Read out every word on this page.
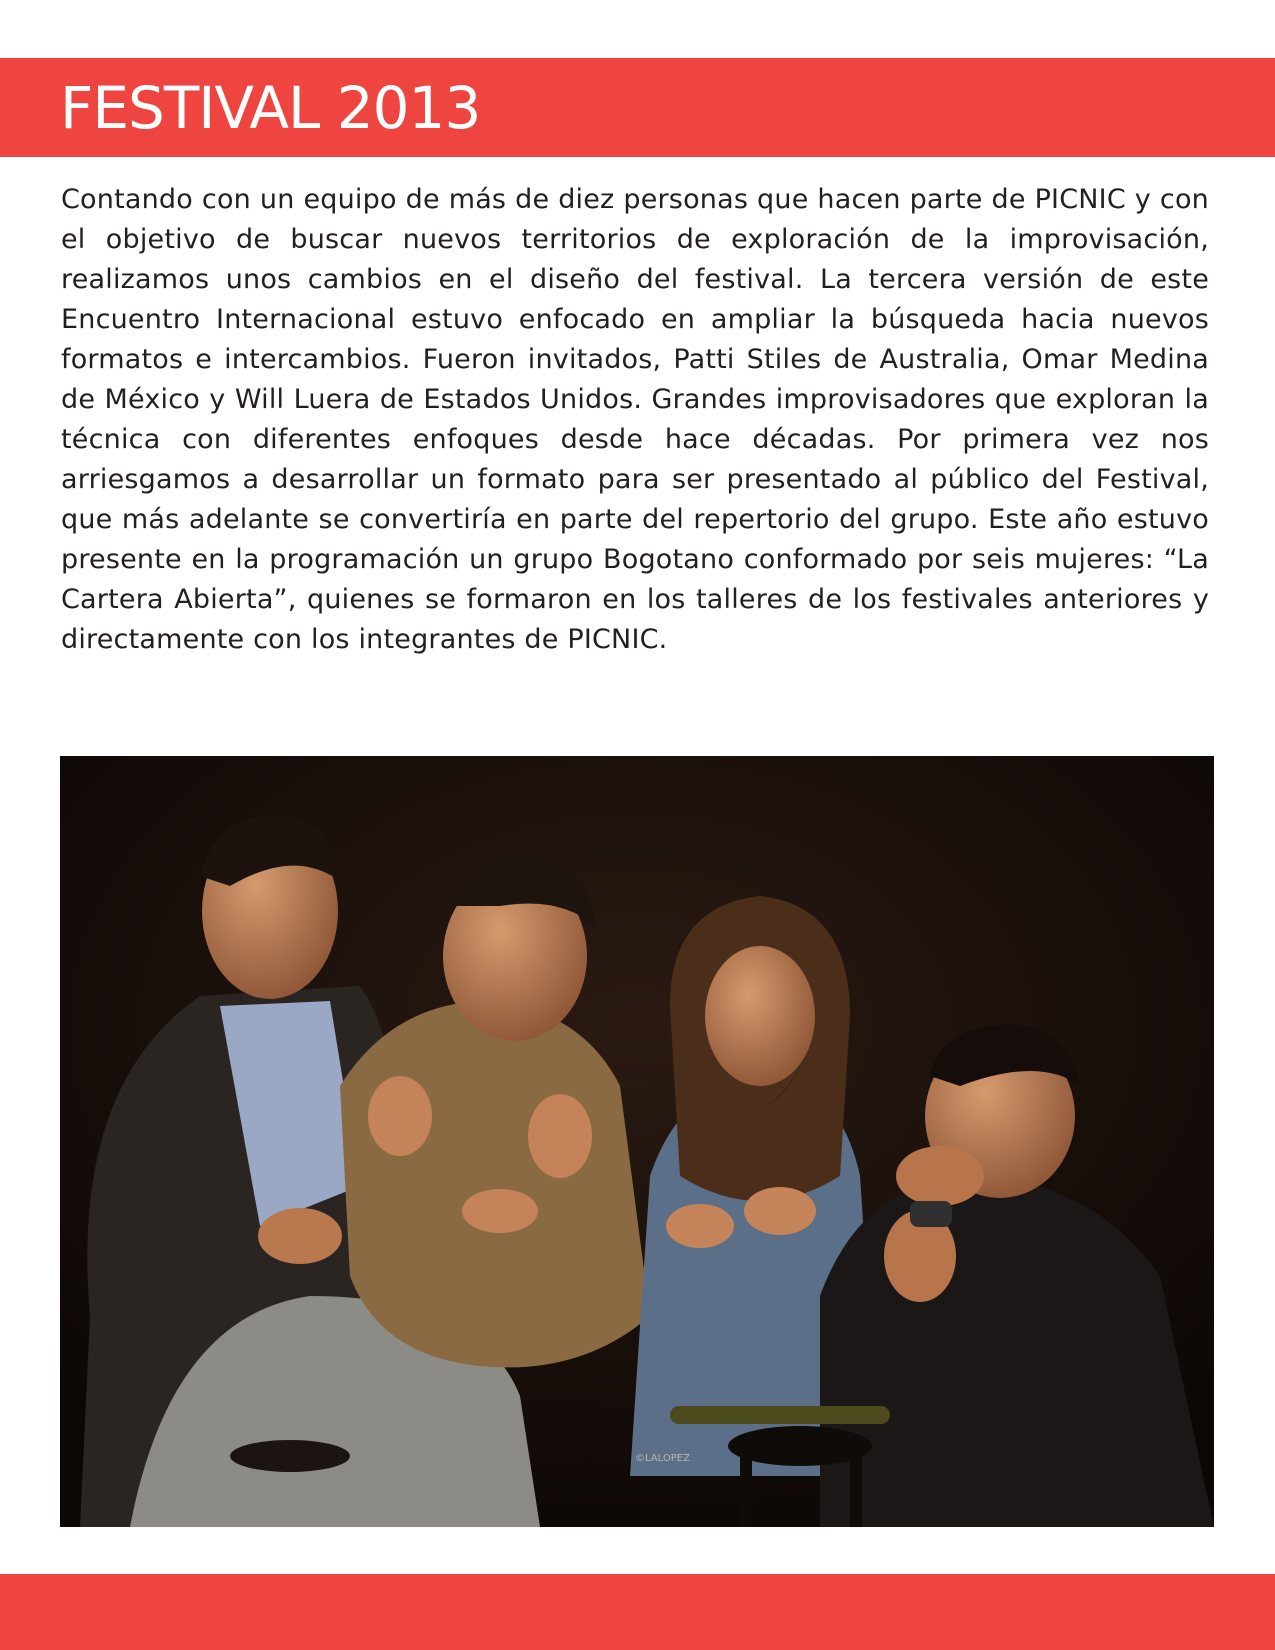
FESTIVAL 2013

Contando con un equipo de más de diez personas que hacen parte de PICNIC y con el objetivo de buscar nuevos territorios de exploración de la improvisación, realizamos unos cambios en el diseño del festival. La tercera versión de este Encuentro Internacional estuvo enfocado en ampliar la búsqueda hacia nuevos formatos e intercambios. Fueron invitados, Patti Stiles de Australia, Omar Medina de México y Will Luera de Estados Unidos. Grandes improvisadores que exploran la técnica con diferentes enfoques desde hace décadas. Por primera vez nos arriesgamos a desarrollar un formato para ser presentado al público del Festival, que más adelante se convertiría en parte del repertorio del grupo. Este año estuvo presente en la programación un grupo Bogotano conformado por seis mujeres: “La Cartera Abierta”, quienes se formaron en los talleres de los festivales anteriores y directamente con los integrantes de PICNIC.

©LALOPEZ
